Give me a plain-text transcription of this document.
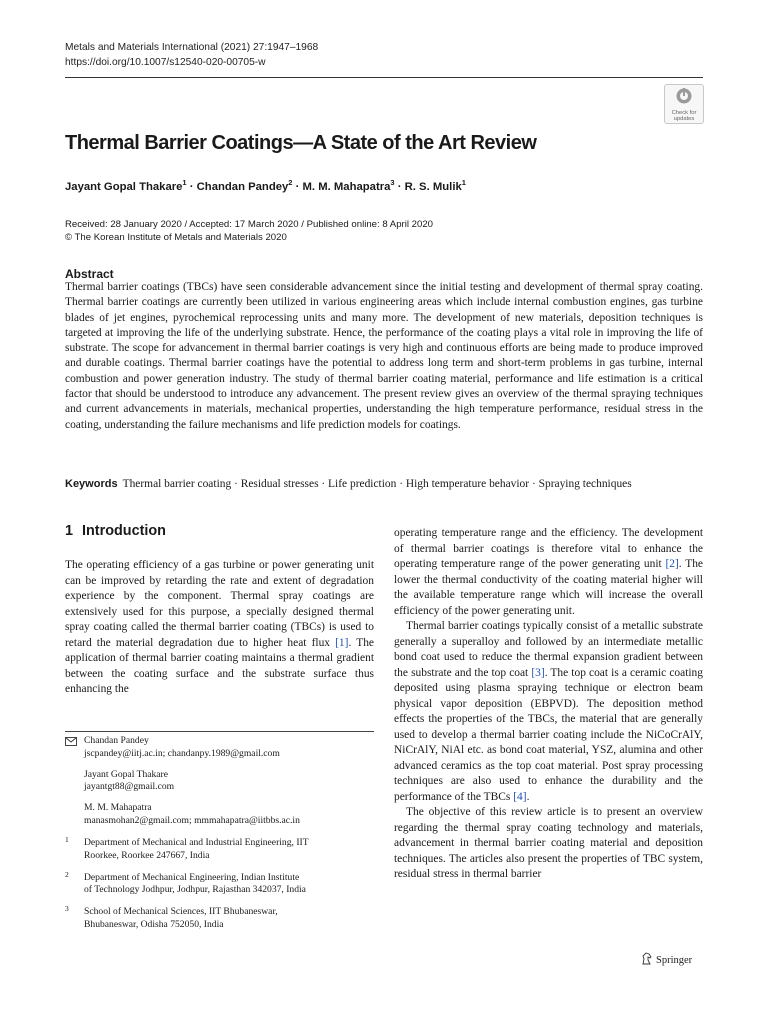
Metals and Materials International (2021) 27:1947–1968
https://doi.org/10.1007/s12540-020-00705-w
Check for
updates
Thermal Barrier Coatings—A State of the Art Review
Jayant Gopal Thakare$^1$ · Chandan Pandey$^2$ · M. M. Mahapatra$^3$ · R. S. Mulik$^1$
Received: 28 January 2020 / Accepted: 17 March 2020 / Published online: 8 April 2020
© The Korean Institute of Metals and Materials 2020
Abstract
Thermal barrier coatings (TBCs) have seen considerable advancement since the initial testing and development of thermal spray coating. Thermal barrier coatings are currently been utilized in various engineering areas which include internal combustion engines, gas turbine blades of jet engines, pyrochemical reprocessing units and many more. The development of new materials, deposition techniques is targeted at improving the life of the underlying substrate. Hence, the performance of the coating plays a vital role in improving the life of substrate. The scope for advancement in thermal barrier coatings is very high and continuous efforts are being made to produce improved and durable coatings. Thermal barrier coatings have the potential to address long term and short-term problems in gas turbine, internal combustion and power generation industry. The study of thermal barrier coating material, performance and life estimation is a critical factor that should be understood to introduce any advancement. The present review gives an overview of the thermal spraying techniques and current advancements in materials, mechanical properties, understanding the high temperature performance, residual stress in the coating, understanding the failure mechanisms and life prediction models for coatings.
Keywords Thermal barrier coating · Residual stresses · Life prediction · High temperature behavior · Spraying techniques
1 Introduction

The operating efficiency of a gas turbine or power generating unit can be improved by retarding the rate and extent of degradation experience by the component. Thermal spray coatings are extensively used for this purpose, a specially designed thermal spray coating called the thermal barrier coating (TBCs) is used to retard the material degradation due to higher heat flux [1]. The application of thermal barrier coating maintains a thermal gradient between the coating surface and the substrate surface thus enhancing the

operating temperature range and the efficiency. The development of thermal barrier coatings is therefore vital to enhance the operating temperature range of the power generating unit [2]. The lower the thermal conductivity of the coating material higher will the available temperature range which will increase the overall efficiency of the power generating unit.

Thermal barrier coatings typically consist of a metallic substrate generally a superalloy and followed by an intermediate metallic bond coat used to reduce the thermal expansion gradient between the substrate and the top coat [3]. The top coat is a ceramic coating deposited using plasma spraying technique or electron beam physical vapor deposition (EBPVD). The deposition method effects the properties of the TBCs, the material that are generally used to develop a thermal barrier coating include the NiCoCrAlY, NiCrAlY, NiAl etc. as bond coat material, YSZ, alumina and other advanced ceramics as the top coat material. Post spray processing techniques are also used to enhance the durability and the performance of the TBCs [4].

The objective of this review article is to present an overview regarding the thermal spray coating technology and materials, advancement in thermal barrier coating material and deposition techniques. The articles also present the properties of TBC system, residual stress in thermal barrier

Chandan Pandey
jscpandey@iitj.ac.in; chandanpy.1989@gmail.com
Jayant Gopal Thakare
jayantgt88@gmail.com
M. M. Mahapatra
manasmohan2@gmail.com; mmmahapatra@iitbbs.ac.in
1 Department of Mechanical and Industrial Engineering, IIT
Roorkee, Roorkee 247667, India
2 Department of Mechanical Engineering, Indian Institute
of Technology Jodhpur, Jodhpur, Rajasthan 342037, India
3 School of Mechanical Sciences, IIT Bhubaneswar,
Bhubaneswar, Odisha 752050, India
Springer
